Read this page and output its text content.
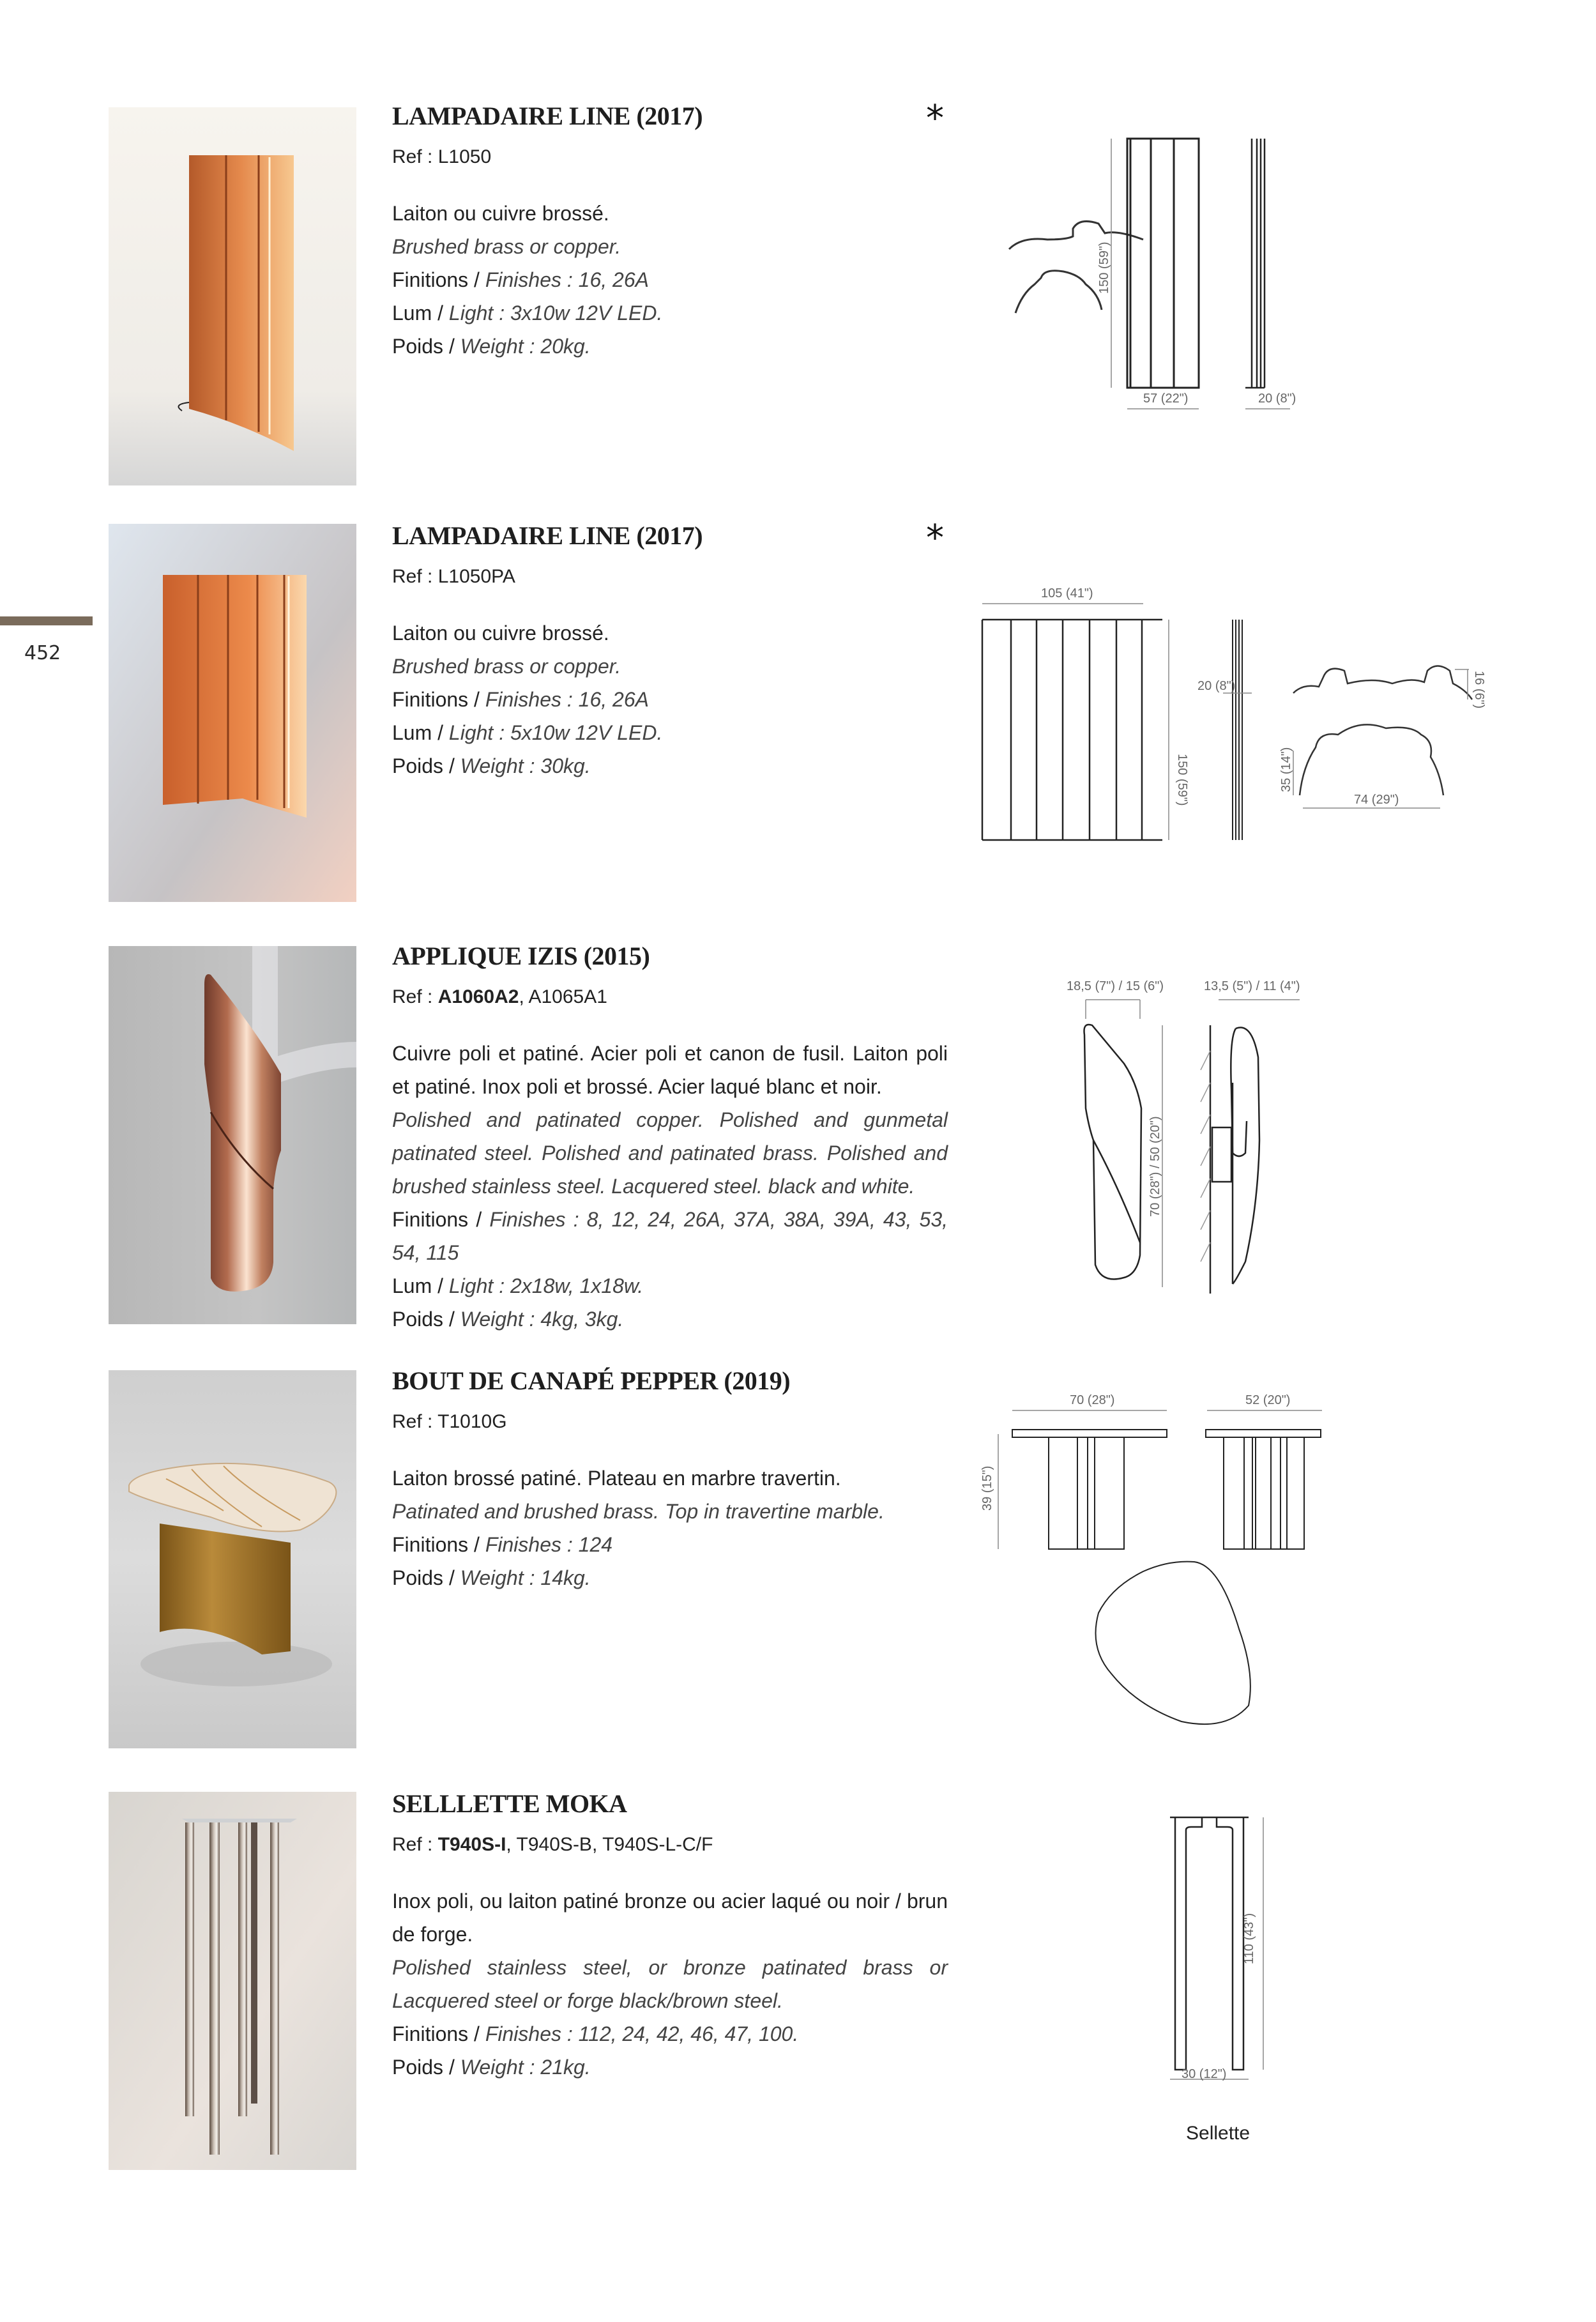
452
LAMPADAIRE LINE (2017)
Ref : L1050

Laiton ou cuivre brossé.

Brushed brass or copper.

Finitions / Finishes : 16, 26A

Lum / Light : 3x10w 12V LED.

Poids / Weight : 20kg.

*
150 (59")
57 (22")	20 (8")
LAMPADAIRE LINE (2017)
Ref : L1050PA

Laiton ou cuivre brossé.

Brushed brass or copper.

Finitions / Finishes : 16, 26A

Lum / Light : 5x10w 12V LED.

Poids / Weight : 30kg.

*
105 (41")
150 (59")
20 (8")	16 (6")
35 (14")
74 (29")
APPLIQUE IZIS (2015)
Ref : A1060A2, A1065A1

Cuivre poli et patiné. Acier poli et canon de fusil. Laiton poli et patiné. Inox poli et brossé. Acier laqué blanc et noir.

Polished and patinated copper. Polished and gunmetal patinated steel. Polished and patinated brass. Polished and brushed stainless steel. Lacquered steel. black and white.

Finitions / Finishes : 8, 12, 24, 26A, 37A, 38A, 39A, 43, 53, 54, 115

Lum / Light : 2x18w, 1x18w.

Poids / Weight : 4kg, 3kg.

18,5 (7") / 15 (6")	13,5 (5") / 11 (4")
70 (28") / 50 (20")
BOUT DE CANAPÉ PEPPER (2019)
Ref : T1010G

Laiton brossé patiné. Plateau en marbre travertin.

Patinated and brushed brass. Top in travertine marble.

Finitions / Finishes : 124

Poids / Weight : 14kg.

70 (28")	52 (20")
39 (15")
SELLLETTE MOKA
Ref : T940S-I, T940S-B, T940S-L-C/F

Inox poli, ou laiton patiné bronze ou acier laqué ou noir / brun de forge.

Polished stainless steel, or bronze patinated brass or Lacquered steel or forge black/brown steel.

Finitions / Finishes : 112, 24, 42, 46, 47, 100.

Poids / Weight : 21kg.

110 (43")
30 (12")
Sellette
